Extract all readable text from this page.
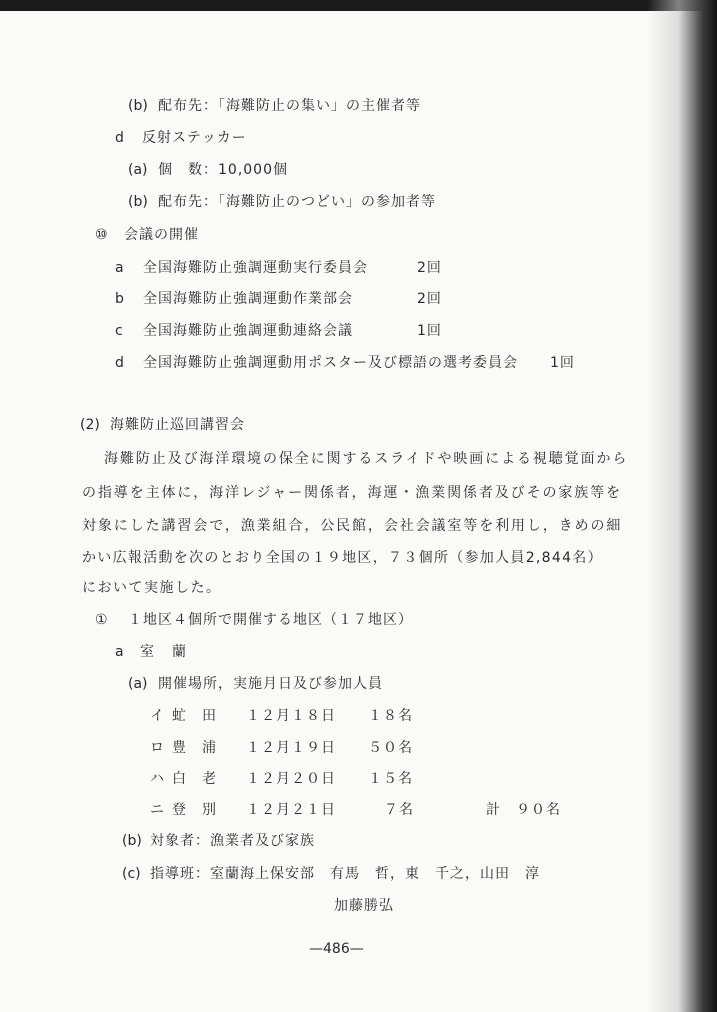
(b) 配布先：「海難防止の集い」の主催者等
d 反射ステッカー
(a) 個　数：10,000個
(b) 配布先：「海難防止のつどい」の参加者等
⑩ 会議の開催
a 全国海難防止強調運動実行委員会	2回
b 全国海難防止強調運動作業部会	2回
c 全国海難防止強調運動連絡会議	1回
d 全国海難防止強調運動用ポスター及び標語の選考委員会 1回
(2) 海難防止巡回講習会
海難防止及び海洋環境の保全に関するスライドや映画による視聴覚面から
の指導を主体に，海洋レジャー関係者，海運・漁業関係者及びその家族等を
対象にした講習会で，漁業組合，公民館，会社会議室等を利用し，きめの細
かい広報活動を次のとおり全国の１９地区，７３個所（参加人員2,844名）
において実施した。
① １地区４個所で開催する地区（１７地区）
a 室　蘭
(a) 開催場所，実施月日及び参加人員
イ 虻　田 １２月１８日 １８名
ロ 豊　浦 １２月１９日 ５０名
ハ 白　老 １２月２０日 １５名
ニ 登　別 １２月２１日	７名	計　９０名
(b) 対象者：漁業者及び家族
(c) 指導班：室蘭海上保安部　有馬　哲，東　千之，山田　淳
加藤勝弘
—486—
